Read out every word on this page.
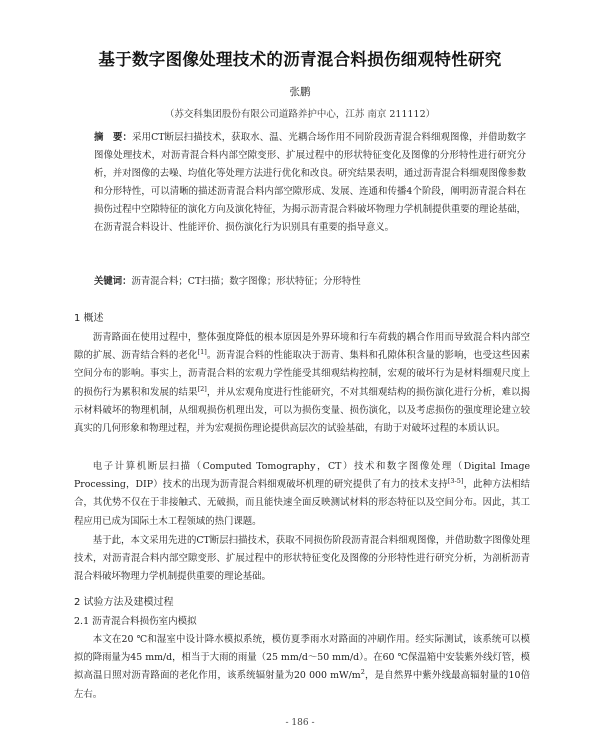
基于数字图像处理技术的沥青混合料损伤细观特性研究
张鹏
（苏交科集团股份有限公司道路养护中心，江苏 南京 211112）

摘　要：采用CT断层扫描技术，获取水、温、光耦合场作用不同阶段沥青混合料细观图像，并借助数字图像处理技术，对沥青混合料内部空隙变形、扩展过程中的形状特征变化及图像的分形特性进行研究分析，并对图像的去噪、均值化等处理方法进行优化和改良。研究结果表明，通过沥青混合料细观图像参数和分形特性，可以清晰的描述沥青混合料内部空隙形成、发展、连通和传播4个阶段，阐明沥青混合料在损伤过程中空隙特征的演化方向及演化特征，为揭示沥青混合料破坏物理力学机制提供重要的理论基础，在沥青混合料设计、性能评价、损伤演化行为识别具有重要的指导意义。

关键词：沥青混合料；CT扫描；数字图像；形状特征；分形特性

1 概述

沥青路面在使用过程中，整体强度降低的根本原因是外界环境和行车荷载的耦合作用而导致混合料内部空隙的扩展、沥青结合料的老化[1]。沥青混合料的性能取决于沥青、集料和孔隙体积含量的影响，也受这些因素空间分布的影响。事实上，沥青混合料的宏观力学性能受其细观结构控制，宏观的破坏行为是材料细观尺度上的损伤行为累积和发展的结果[2]，并从宏观角度进行性能研究，不对其细观结构的损伤演化进行分析，难以揭示材料破坏的物理机制，从细观损伤机理出发，可以为损伤变量、损伤演化，以及考虑损伤的强度理论建立较真实的几何形象和物理过程，并为宏观损伤理论提供高层次的试验基础，有助于对破坏过程的本质认识。

电子计算机断层扫描（Computed Tomography，CT）技术和数字图像处理（Digital Image Processing，DIP）技术的出现为沥青混合料细观破坏机理的研究提供了有力的技术支持[3-5]，此种方法相结合，其优势不仅在于非接触式、无破损，而且能快速全面反映测试材料的形态特征以及空间分布。因此，其工程应用已成为国际土木工程领域的热门课题。

基于此，本文采用先进的CT断层扫描技术，获取不同损伤阶段沥青混合料细观图像，并借助数字图像处理技术，对沥青混合料内部空隙变形、扩展过程中的形状特征变化及图像的分形特性进行研究分析，为剖析沥青混合料破坏物理力学机制提供重要的理论基础。

2 试验方法及建模过程

2.1 沥青混合料损伤室内模拟

本文在20 ℃和湿室中设计降水模拟系统，模仿夏季雨水对路面的冲刷作用。经实际测试，该系统可以模拟的降雨量为45 mm/d，相当于大雨的雨量（25 mm/d～50 mm/d）。在60 ℃保温箱中安装紫外线灯管，模拟高温日照对沥青路面的老化作用，该系统辐射量为20 000 mW/m$^2$，是自然界中紫外线最高辐射量的10倍左右。

- 186 -
